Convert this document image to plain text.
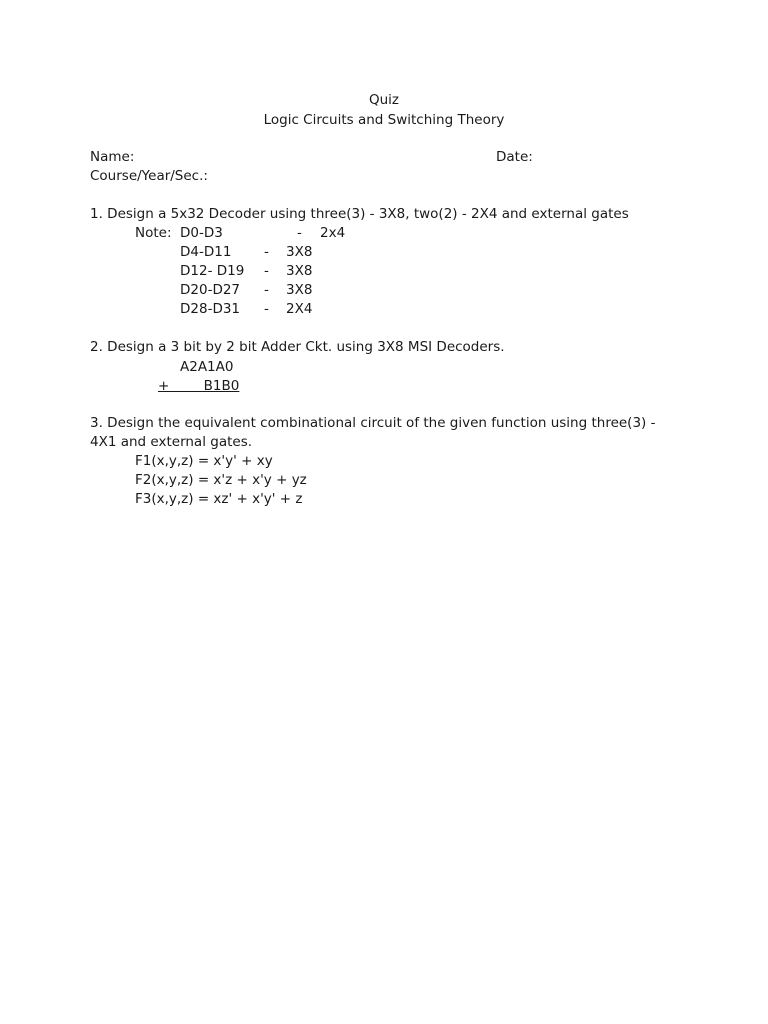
Quiz
Logic Circuits and Switching Theory
Name:	Date:
Course/Year/Sec.:
1. Design a 5x32 Decoder using three(3) - 3X8, two(2) - 2X4 and external gates
Note: D0-D3	- 2x4
D4-D11 - 3X8
D12- D19 - 3X8
D20-D27 - 3X8
D28-D31 - 2X4
2. Design a 3 bit by 2 bit Adder Ckt. using 3X8 MSI Decoders.
A2A1A0
+        B1B0
3. Design the equivalent combinational circuit of the given function using three(3) -
4X1 and external gates.
F1(x,y,z) = x'y' + xy
F2(x,y,z) = x'z + x'y + yz
F3(x,y,z) = xz' + x'y' + z
